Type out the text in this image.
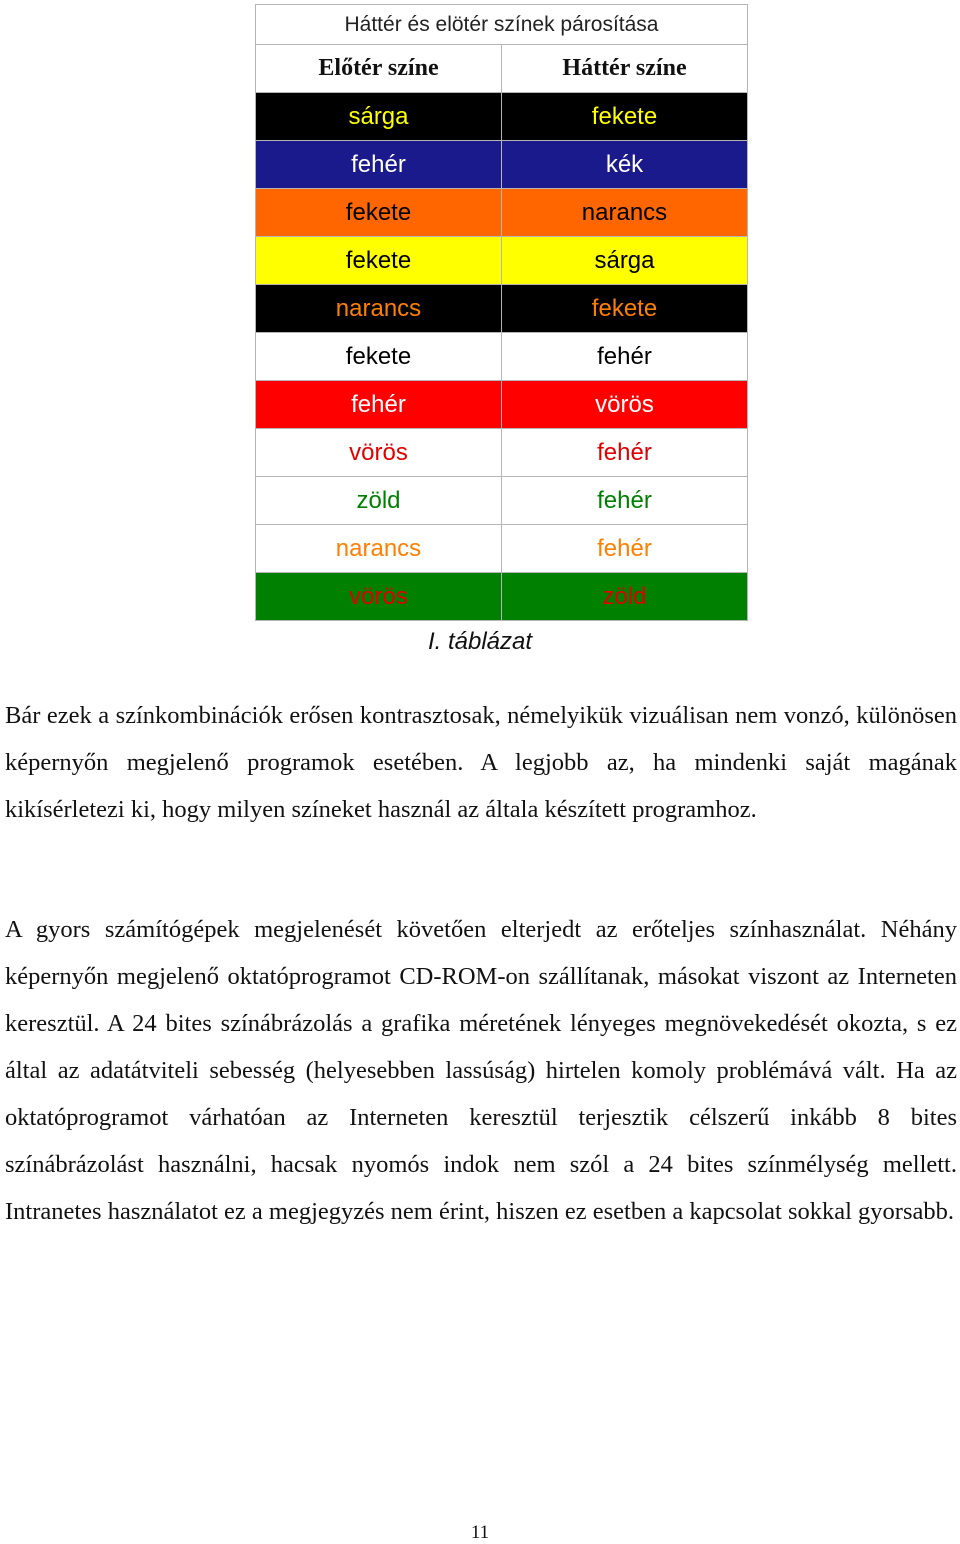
Háttér és elötér színek párosítása	
Előtér színe	Háttér színe
sárga	fekete
fehér	kék
fekete	narancs
fekete	sárga
narancs	fekete
fekete	fehér
fehér	vörös
vörös	fehér
zöld	fehér
narancs	fehér
vörös	zöld
I. táblázat

Bár ezek a színkombinációk erősen kontrasztosak, némelyikük vizuálisan nem vonzó, különösen képernyőn megjelenő programok esetében. A legjobb az, ha mindenki saját magának kikísérletezi ki, hogy milyen színeket használ az általa készített programhoz.

A gyors számítógépek megjelenését követően elterjedt az erőteljes színhasználat. Néhány képernyőn megjelenő oktatóprogramot CD-ROM-on szállítanak, másokat viszont az Interneten keresztül. A 24 bites színábrázolás a grafika méretének lényeges megnövekedését okozta, s ez által az adatátviteli sebesség (helyesebben lassúság) hirtelen komoly problémává vált. Ha az oktatóprogramot várhatóan az Interneten keresztül terjesztik célszerű inkább 8 bites színábrázolást használni, hacsak nyomós indok nem szól a 24 bites színmélység mellett. Intranetes használatot ez a megjegyzés nem érint, hiszen ez esetben a kapcsolat sokkal gyorsabb.

11
